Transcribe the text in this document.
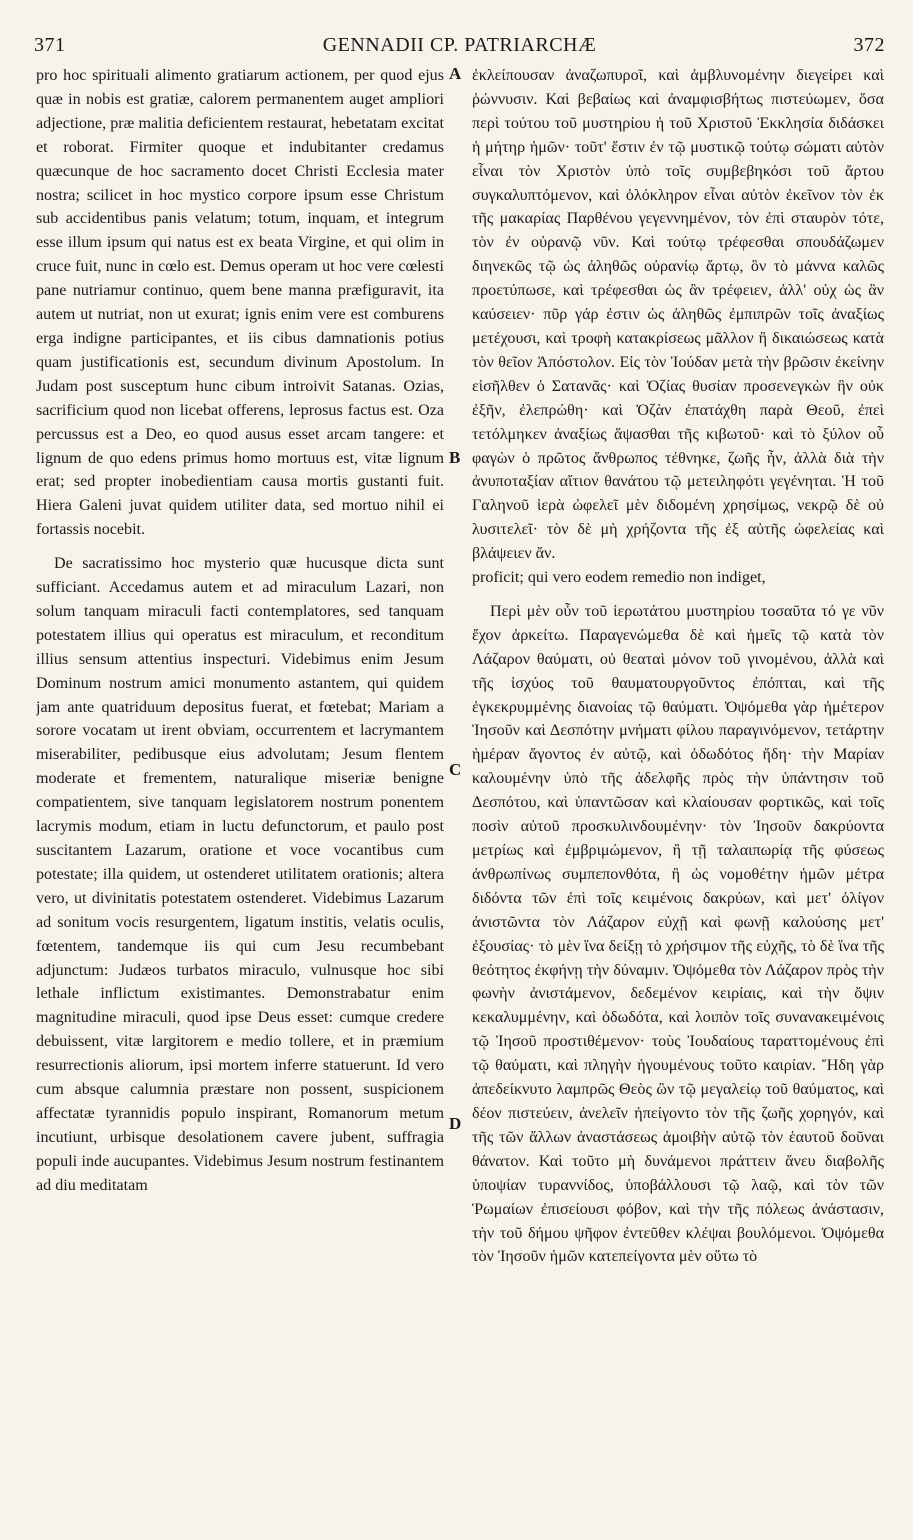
371	GENNADII CP. PATRIARCHÆ	372

pro hoc spirituali alimento gratiarum actionem, per quod ejus quæ in nobis est gratiæ, calorem permanentem auget ampliori adjectione, præ malitia deficientem restaurat, hebetatam excitat et roborat. Firmiter quoque et indubitanter credamus quæcunque de hoc sacramento docet Christi Ecclesia mater nostra; scilicet in hoc mystico corpore ipsum esse Christum sub accidentibus panis velatum; totum, inquam, et integrum esse illum ipsum qui natus est ex beata Virgine, et qui olim in cruce fuit, nunc in cœlo est. Demus operam ut hoc vere cœlesti pane nutriamur continuo, quem bene manna præfiguravit, ita autem ut nutriat, non ut exurat; ignis enim vere est comburens erga indigne participantes, et iis cibus damnationis potius quam justificationis est, secundum divinum Apostolum. In Judam post susceptum hunc cibum introivit Satanas. Ozias, sacrificium quod non licebat offerens, leprosus factus est. Oza percussus est a Deo, eo quod ausus esset arcam tangere: et lignum de quo edens primus homo mortuus est, vitæ lignum erat; sed propter inobedientiam causa mortis gustanti fuit. Hiera Galeni juvat quidem utiliter data, sed mortuo nihil ei fortassis nocebit.

De sacratissimo hoc mysterio quæ hucusque dicta sunt sufficiant. Accedamus autem et ad miraculum Lazari, non solum tanquam miraculi facti contemplatores, sed tanquam potestatem illius qui operatus est miraculum, et reconditum illius sensum attentius inspecturi. Videbimus enim Jesum Dominum nostrum amici monumento astantem, qui quidem jam ante quatriduum depositus fuerat, et fœtebat; Mariam a sorore vocatam ut irent obviam, occurrentem et lacrymantem miserabiliter, pedibusque eius advolutam; Jesum flentem moderate et frementem, naturalique miseriæ benigne compatientem, sive tanquam legislatorem nostrum ponentem lacrymis modum, etiam in luctu defunctorum, et paulo post suscitantem Lazarum, oratione et voce vocantibus cum potestate; illa quidem, ut ostenderet utilitatem orationis; altera vero, ut divinitatis potestatem ostenderet. Videbimus Lazarum ad sonitum vocis resurgentem, ligatum institis, velatis oculis, fœtentem, tandemque iis qui cum Jesu recumbebant adjunctum: Judæos turbatos miraculo, vulnusque hoc sibi lethale inflictum existimantes. Demonstrabatur enim magnitudine miraculi, quod ipse Deus esset: cumque credere debuissent, vitæ largitorem e medio tollere, et in præmium resurrectionis aliorum, ipsi mortem inferre statuerunt. Id vero cum absque calumnia præstare non possent, suspicionem affectatæ tyrannidis populo inspirant, Romanorum metum incutiunt, urbisque desolationem cavere jubent, suffragia populi inde aucupantes. Videbimus Jesum nostrum festinantem ad diu meditatam

ἐκλείπουσαν ἀναζωπυροῖ, καὶ ἀμβλυνομένην διεγείρει καὶ ῥώννυσιν. Καὶ βεβαίως καὶ ἀναμφισβήτως πιστεύωμεν, ὅσα περὶ τούτου τοῦ μυστηρίου ἡ τοῦ Χριστοῦ Ἐκκλησία διδάσκει ἡ μήτηρ ἡμῶν· τοῦτ' ἔστιν ἐν τῷ μυστικῷ τούτῳ σώματι αὐτὸν εἶναι τὸν Χριστὸν ὑπὸ τοῖς συμβεβηκόσι τοῦ ἄρτου συγκαλυπτόμενον, καὶ ὁλόκληρον εἶναι αὐτὸν ἐκεῖνον τὸν ἐκ τῆς μακαρίας Παρθένου γεγεννημένον, τὸν ἐπὶ σταυρὸν τότε, τὸν ἐν οὐρανῷ νῦν. Καὶ τούτῳ τρέφεσθαι σπουδάζωμεν διηνεκῶς τῷ ὡς ἀληθῶς οὐρανίῳ ἄρτῳ, ὃν τὸ μάννα καλῶς προετύπωσε, καὶ τρέφεσθαι ὡς ἂν τρέφειεν, ἀλλ' οὐχ ὡς ἂν καύσειεν· πῦρ γάρ ἐστιν ὡς ἀληθῶς ἐμπιπρῶν τοῖς ἀναξίως μετέχουσι, καὶ τροφὴ κατακρίσεως μᾶλλον ἢ δικαιώσεως κατὰ τὸν θεῖον Ἀπόστολον. Εἰς τὸν Ἰούδαν μετὰ τὴν βρῶσιν ἐκείνην εἰσῆλθεν ὁ Σατανᾶς· καὶ Ὀζίας θυσίαν προσενεγκὼν ἣν οὐκ ἐξῆν, ἐλεπρώθη· καὶ Ὀζὰν ἐπατάχθη παρὰ Θεοῦ, ἐπεὶ τετόλμηκεν ἀναξίως ἅψασθαι τῆς κιβωτοῦ· καὶ τὸ ξύλον οὗ φαγὼν ὁ πρῶτος ἄνθρωπος τέθνηκε, ζωῆς ἦν, ἀλλὰ διὰ τὴν ἀνυποταξίαν αἴτιον θανάτου τῷ μετειληφότι γεγένηται. Ἡ τοῦ Γαληνοῦ ἱερὰ ὠφελεῖ μὲν διδομένη χρησίμως, νεκρῷ δὲ οὐ λυσιτελεῖ· τὸν δὲ μὴ χρήζοντα τῆς ἐξ αὐτῆς ὠφελείας καὶ βλάψειεν ἄν.

proficit; qui vero eodem remedio non indiget,

Περὶ μὲν οὖν τοῦ ἱερωτάτου μυστηρίου τοσαῦτα τό γε νῦν ἔχον ἀρκείτω. Παραγενώμεθα δὲ καὶ ἡμεῖς τῷ κατὰ τὸν Λάζαρον θαύματι, οὐ θεαταὶ μόνον τοῦ γινομένου, ἀλλὰ καὶ τῆς ἰσχύος τοῦ θαυματουργοῦντος ἐπόπται, καὶ τῆς ἐγκεκρυμμένης διανοίας τῷ θαύματι. Ὀψόμεθα γὰρ ἡμέτερον Ἰησοῦν καὶ Δεσπότην μνήματι φίλου παραγινόμενον, τετάρτην ἡμέραν ἄγοντος ἐν αὐτῷ, καὶ ὀδωδότος ἤδη· τὴν Μαρίαν καλουμένην ὑπὸ τῆς ἀδελφῆς πρὸς τὴν ὑπάντησιν τοῦ Δεσπότου, καὶ ὑπαντῶσαν καὶ κλαίουσαν φορτικῶς, καὶ τοῖς ποσὶν αὐτοῦ προσκυλινδουμένην· τὸν Ἰησοῦν δακρύοντα μετρίως καὶ ἐμβριμώμενον, ἢ τῇ ταλαιπωρίᾳ τῆς φύσεως ἀνθρωπίνως συμπεπονθότα, ἢ ὡς νομοθέτην ἡμῶν μέτρα διδόντα τῶν ἐπὶ τοῖς κειμένοις δακρύων, καὶ μετ' ὀλίγον ἀνιστῶντα τὸν Λάζαρον εὐχῇ καὶ φωνῇ καλούσης μετ' ἐξουσίας· τὸ μὲν ἵνα δείξῃ τὸ χρήσιμον τῆς εὐχῆς, τὸ δὲ ἵνα τῆς θεότητος ἐκφήνῃ τὴν δύναμιν. Ὀψόμεθα τὸν Λάζαρον πρὸς τὴν φωνὴν ἀνιστάμενον, δεδεμένον κειρίαις, καὶ τὴν ὄψιν κεκαλυμμένην, καὶ ὀδωδότα, καὶ λοιπὸν τοῖς συνανακειμένοις τῷ Ἰησοῦ προστιθέμενον· τοὺς Ἰουδαίους ταραττομένους ἐπὶ τῷ θαύματι, καὶ πληγὴν ἡγουμένους τοῦτο καιρίαν. Ἤδη γὰρ ἀπεδείκνυτο λαμπρῶς Θεὸς ὢν τῷ μεγαλείῳ τοῦ θαύματος, καὶ δέον πιστεύειν, ἀνελεῖν ἠπείγοντο τὸν τῆς ζωῆς χορηγόν, καὶ τῆς τῶν ἄλλων ἀναστάσεως ἀμοιβὴν αὐτῷ τὸν ἑαυτοῦ δοῦναι θάνατον. Καὶ τοῦτο μὴ δυνάμενοι πράττειν ἄνευ διαβολῆς ὑποψίαν τυραννίδος, ὑποβάλλουσι τῷ λαῷ, καὶ τὸν τῶν Ῥωμαίων ἐπισείουσι φόβον, καὶ τὴν τῆς πόλεως ἀνάστασιν, τὴν τοῦ δήμου ψῆφον ἐντεῦθεν κλέψαι βουλόμενοι. Ὀψόμεθα τὸν Ἰησοῦν ἡμῶν κατεπείγοντα μὲν οὕτω τὸ

A
B
C
D
